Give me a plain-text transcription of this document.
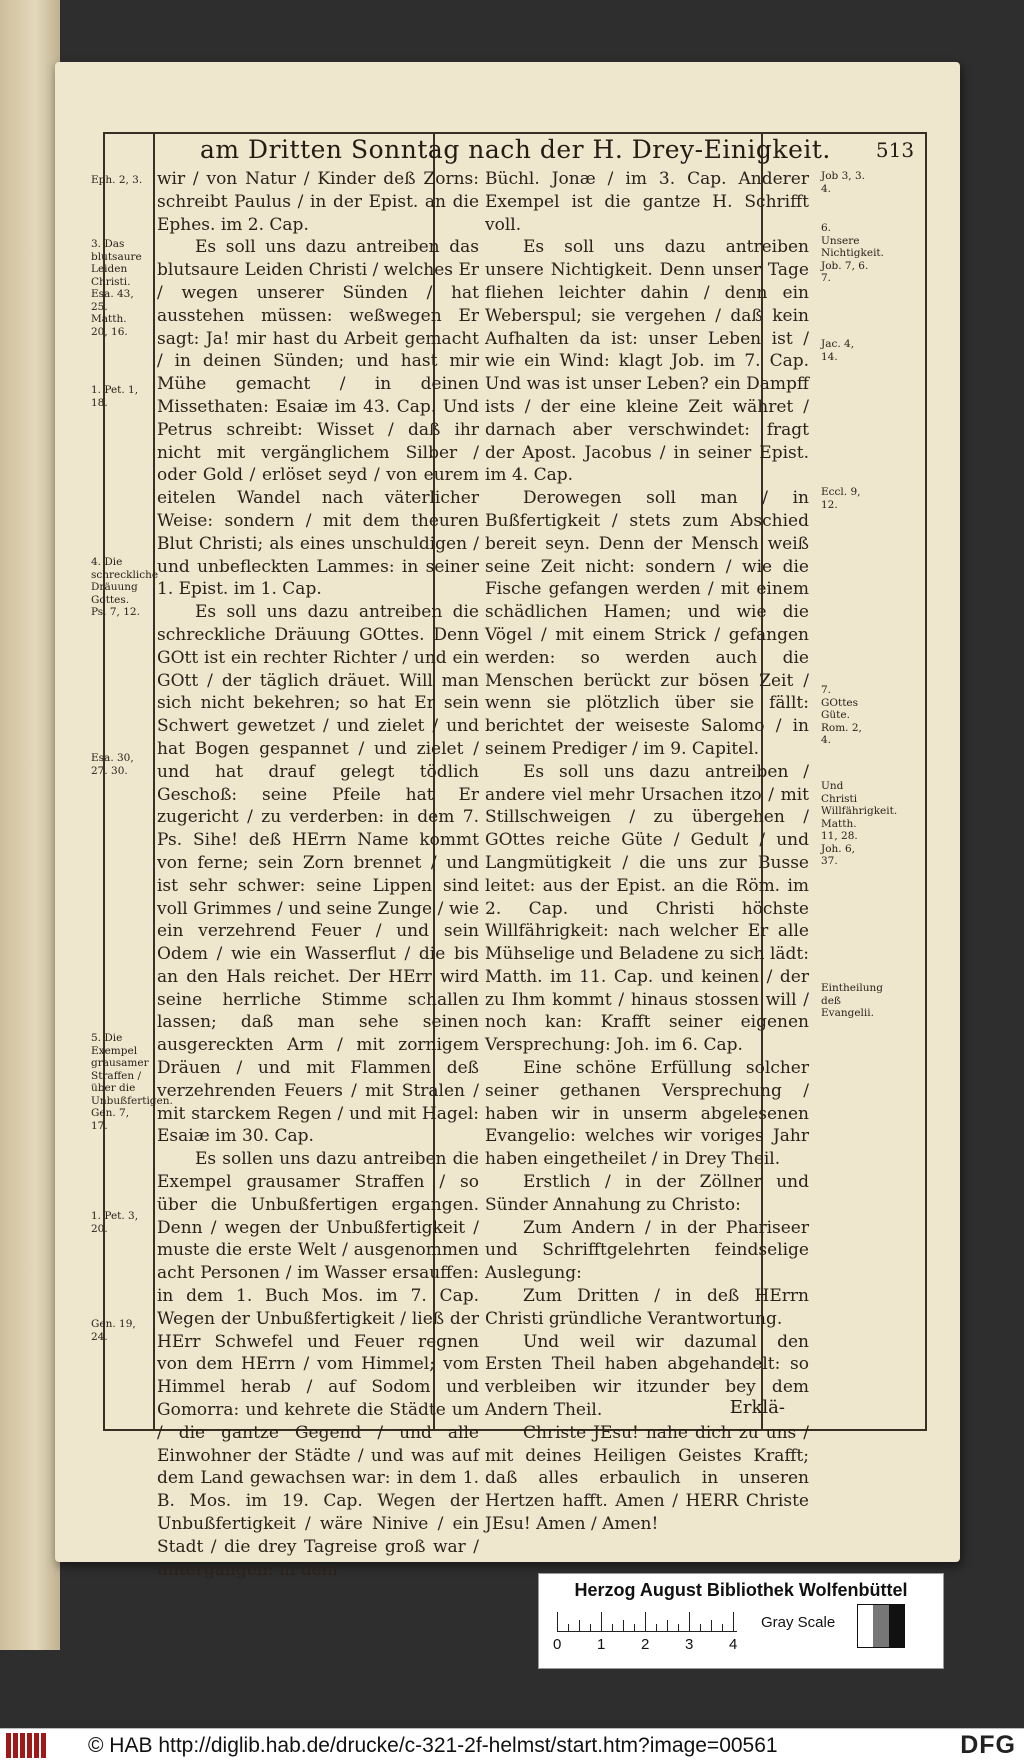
am Dritten Sonntag nach der H. Drey-Einigkeit. 513

wir / von Natur / Kinder deß Zorns: schreibt Paulus / in der Epist. an die Ephes. im 2. Cap.

Es soll uns dazu antreiben das blutsaure Leiden Christi / welches Er / wegen unserer Sünden / hat ausstehen müssen: weßwegen Er sagt: Ja! mir hast du Arbeit gemacht / in deinen Sünden; und hast mir Mühe gemacht / in deinen Missethaten: Esaiæ im 43. Cap. Und Petrus schreibt: Wisset / daß ihr nicht mit vergänglichem Silber / oder Gold / erlöset seyd / von eurem eitelen Wandel nach väterlicher Weise: sondern / mit dem theuren Blut Christi; als eines unschuldigen / und unbefleckten Lammes: in seiner 1. Epist. im 1. Cap.

Es soll uns dazu antreiben die schreckliche Dräuung GOttes. Denn GOtt ist ein rechter Richter / und ein GOtt / der täglich dräuet. Will man sich nicht bekehren; so hat Er sein Schwert gewetzet / und zielet / und hat Bogen gespannet / und zielet / und hat drauf gelegt tödlich Geschoß: seine Pfeile hat Er zugericht / zu verderben: in dem 7. Ps. Sihe! deß HErrn Name kommt von ferne; sein Zorn brennet / und ist sehr schwer: seine Lippen sind voll Grimmes / und seine Zunge / wie ein verzehrend Feuer / und sein Odem / wie ein Wasserflut / die bis an den Hals reichet. Der HErr wird seine herrliche Stimme schallen lassen; daß man sehe seinen ausgereckten Arm / mit zornigem Dräuen / und mit Flammen deß verzehrenden Feuers / mit Stralen / mit starckem Regen / und mit Hagel: Esaiæ im 30. Cap.

Es sollen uns dazu antreiben die Exempel grausamer Straffen / so über die Unbußfertigen ergangen. Denn / wegen der Unbußfertigkeit / muste die erste Welt / ausgenommen acht Personen / im Wasser ersauffen: in dem 1. Buch Mos. im 7. Cap. Wegen der Unbußfertigkeit / ließ der HErr Schwefel und Feuer regnen von dem HErrn / vom Himmel; vom Himmel herab / auf Sodom und Gomorra: und kehrete die Städte um / die gantze Gegend / und alle Einwohner der Städte / und was auf dem Land gewachsen war: in dem 1. B. Mos. im 19. Cap. Wegen der Unbußfertigkeit / wäre Ninive / ein Stadt / die drey Tagreise groß war / untergangen: in dem

Büchl. Jonæ / im 3. Cap. Anderer Exempel ist die gantze H. Schrifft voll.

Es soll uns dazu antreiben unsere Nichtigkeit. Denn unser Tage fliehen leichter dahin / denn ein Weberspul; sie vergehen / daß kein Aufhalten da ist: unser Leben ist / wie ein Wind: klagt Job. im 7. Cap. Und was ist unser Leben? ein Dampff ists / der eine kleine Zeit währet / darnach aber verschwindet: fragt der Apost. Jacobus / in seiner Epist. im 4. Cap.

Derowegen soll man / in Bußfertigkeit / stets zum Abschied bereit seyn. Denn der Mensch weiß seine Zeit nicht: sondern / wie die Fische gefangen werden / mit einem schädlichen Hamen; und wie die Vögel / mit einem Strick / gefangen werden: so werden auch die Menschen berückt zur bösen Zeit / wenn sie plötzlich über sie fällt: berichtet der weiseste Salomo / in seinem Prediger / im 9. Capitel.

Es soll uns dazu antreiben / andere viel mehr Ursachen itzo / mit Stillschweigen / zu übergehen / GOttes reiche Güte / Gedult / und Langmütigkeit / die uns zur Busse leitet: aus der Epist. an die Röm. im 2. Cap. und Christi höchste Willfährigkeit: nach welcher Er alle Mühselige und Beladene zu sich lädt: Matth. im 11. Cap. und keinen / der zu Ihm kommt / hinaus stossen will / noch kan: Krafft seiner eigenen Versprechung: Joh. im 6. Cap.

Eine schöne Erfüllung solcher seiner gethanen Versprechung / haben wir in unserm abgelesenen Evangelio: welches wir voriges Jahr haben eingetheilet / in Drey Theil.

Erstlich / in der Zöllner und Sünder Annahung zu Christo:

Zum Andern / in der Phariseer und Schrifftgelehrten feindselige Auslegung:

Zum Dritten / in deß HErrn Christi gründliche Verantwortung.

Und weil wir dazumal den Ersten Theil haben abgehandelt: so verbleiben wir itzunder bey dem Andern Theil.

Christe JEsu! nahe dich zu uns / mit deines Heiligen Geistes Krafft; daß alles erbaulich in unseren Hertzen hafft. Amen / HERR Christe JEsu! Amen / Amen!

Eph. 2, 3.
3. Das blutsaure Leiden Christi. Esa. 43, 25. Matth. 20, 16.
1. Pet. 1, 18.
4. Die schreckliche Dräuung Gottes. Ps. 7, 12.
Esa. 30, 27. 30.
5. Die Exempel grausamer Straffen / über die Unbußfertigen. Gen. 7, 17.
1. Pet. 3, 20.
Gen. 19, 24.
Job 3, 3. 4.
6. Unsere Nichtigkeit. Job. 7, 6. 7.
Jac. 4, 14.
Eccl. 9, 12.
7. GOttes Güte. Rom. 2, 4.
Und Christi Willfährigkeit. Matth. 11, 28. Joh. 6, 37.
Eintheilung deß Evangelii.
Erklä-
Herzog August Bibliothek Wolfenbüttel
0 1 2 3 4
Gray Scale
© HAB http://diglib.hab.de/drucke/c-321-2f-helmst/start.htm?image=00561	DFG
